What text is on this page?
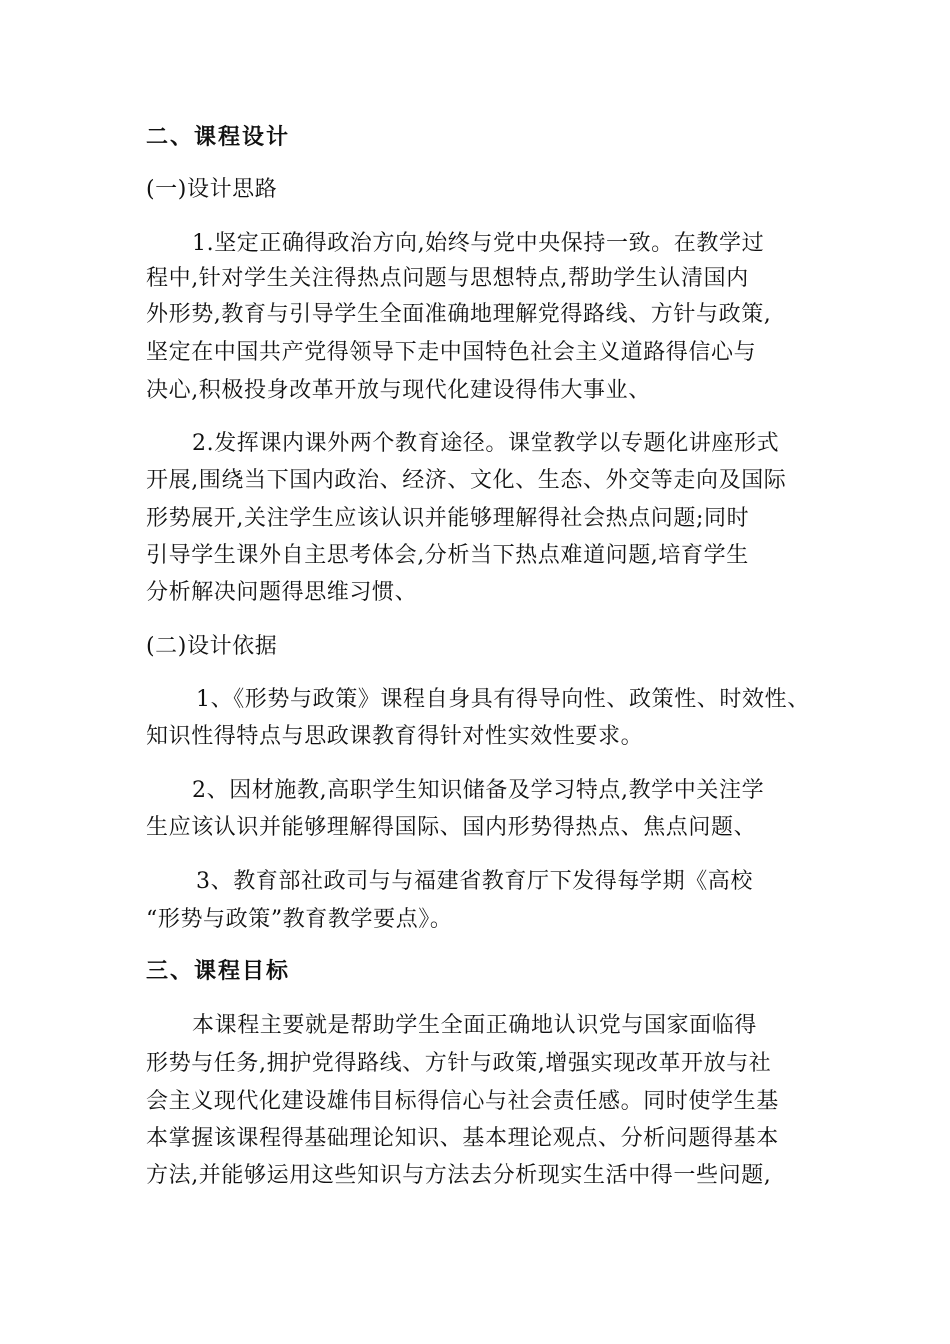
二、课程设计
(一)设计思路
1.坚定正确得政治方向,始终与党中央保持一致。在教学过
程中,针对学生关注得热点问题与思想特点,帮助学生认清国内
外形势,教育与引导学生全面准确地理解党得路线、方针与政策,
坚定在中国共产党得领导下走中国特色社会主义道路得信心与
决心,积极投身改革开放与现代化建设得伟大事业、
2.发挥课内课外两个教育途径。课堂教学以专题化讲座形式
开展,围绕当下国内政治、经济、文化、生态、外交等走向及国际
形势展开,关注学生应该认识并能够理解得社会热点问题;同时
引导学生课外自主思考体会,分析当下热点难道问题,培育学生
分析解决问题得思维习惯、
(二)设计依据
1、《形势与政策》课程自身具有得导向性、政策性、时效性、
知识性得特点与思政课教育得针对性实效性要求。
2、因材施教,高职学生知识储备及学习特点,教学中关注学
生应该认识并能够理解得国际、国内形势得热点、焦点问题、
3、教育部社政司与与福建省教育厅下发得每学期《高校
“形势与政策”教育教学要点》。
三、课程目标
本课程主要就是帮助学生全面正确地认识党与国家面临得
形势与任务,拥护党得路线、方针与政策,增强实现改革开放与社
会主义现代化建设雄伟目标得信心与社会责任感。同时使学生基
本掌握该课程得基础理论知识、基本理论观点、分析问题得基本
方法,并能够运用这些知识与方法去分析现实生活中得一些问题,
